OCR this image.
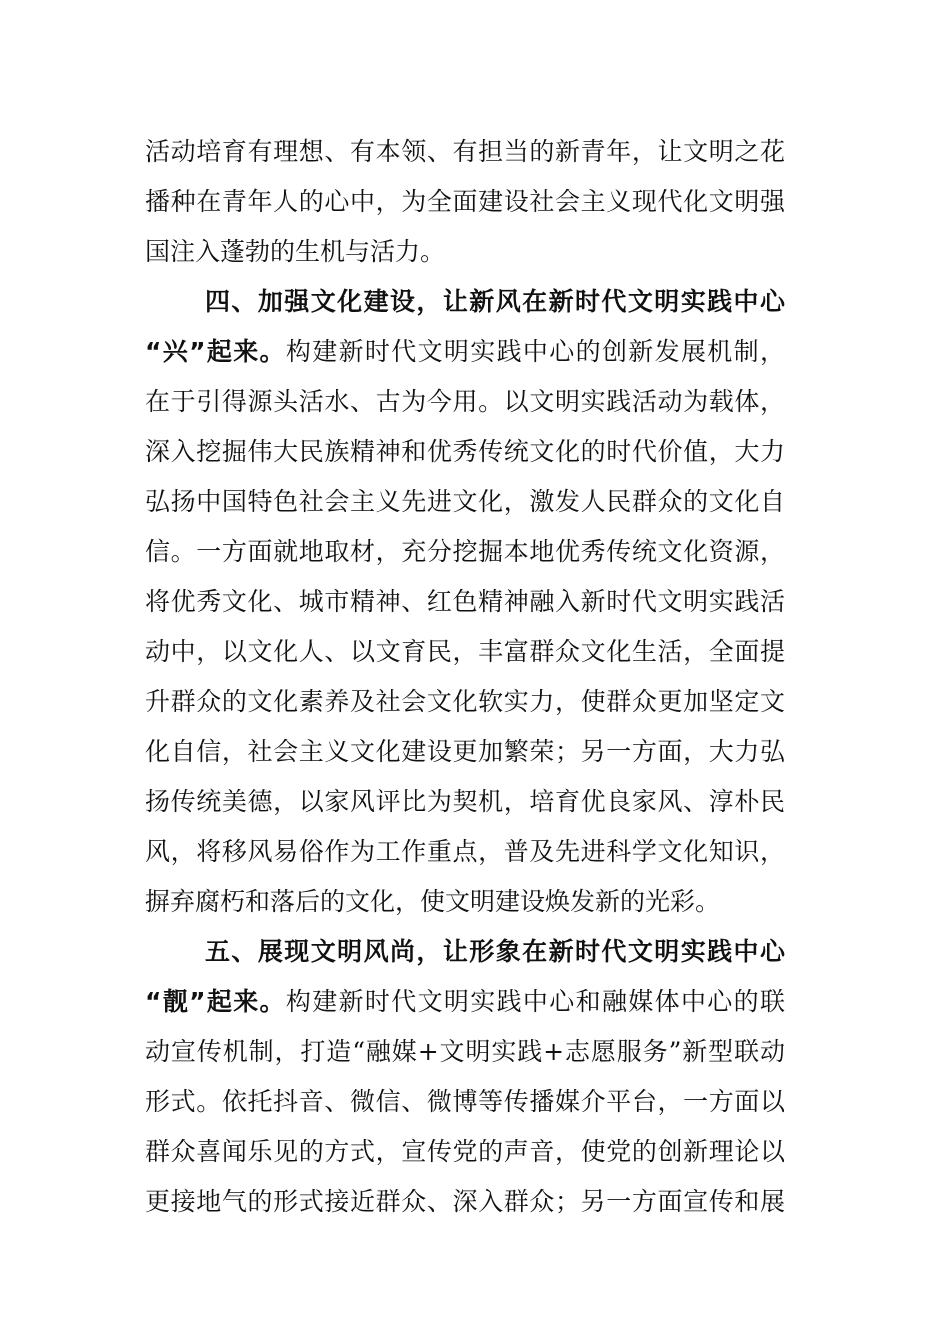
活动培育有理想、有本领、有担当的新青年，让文明之花
播种在青年人的心中，为全面建设社会主义现代化文明强
国注入蓬勃的生机与活力。
四、加强文化建设，让新风在新时代文明实践中心
“兴”起来。构建新时代文明实践中心的创新发展机制，
在于引得源头活水、古为今用。以文明实践活动为载体，
深入挖掘伟大民族精神和优秀传统文化的时代价值，大力
弘扬中国特色社会主义先进文化，激发人民群众的文化自
信。一方面就地取材，充分挖掘本地优秀传统文化资源，
将优秀文化、城市精神、红色精神融入新时代文明实践活
动中，以文化人、以文育民，丰富群众文化生活，全面提
升群众的文化素养及社会文化软实力，使群众更加坚定文
化自信，社会主义文化建设更加繁荣；另一方面，大力弘
扬传统美德，以家风评比为契机，培育优良家风、淳朴民
风，将移风易俗作为工作重点，普及先进科学文化知识，
摒弃腐朽和落后的文化，使文明建设焕发新的光彩。
五、展现文明风尚，让形象在新时代文明实践中心
“靓”起来。构建新时代文明实践中心和融媒体中心的联
动宣传机制，打造“融媒+文明实践+志愿服务”新型联动
形式。依托抖音、微信、微博等传播媒介平台，一方面以
群众喜闻乐见的方式，宣传党的声音，使党的创新理论以
更接地气的形式接近群众、深入群众；另一方面宣传和展
